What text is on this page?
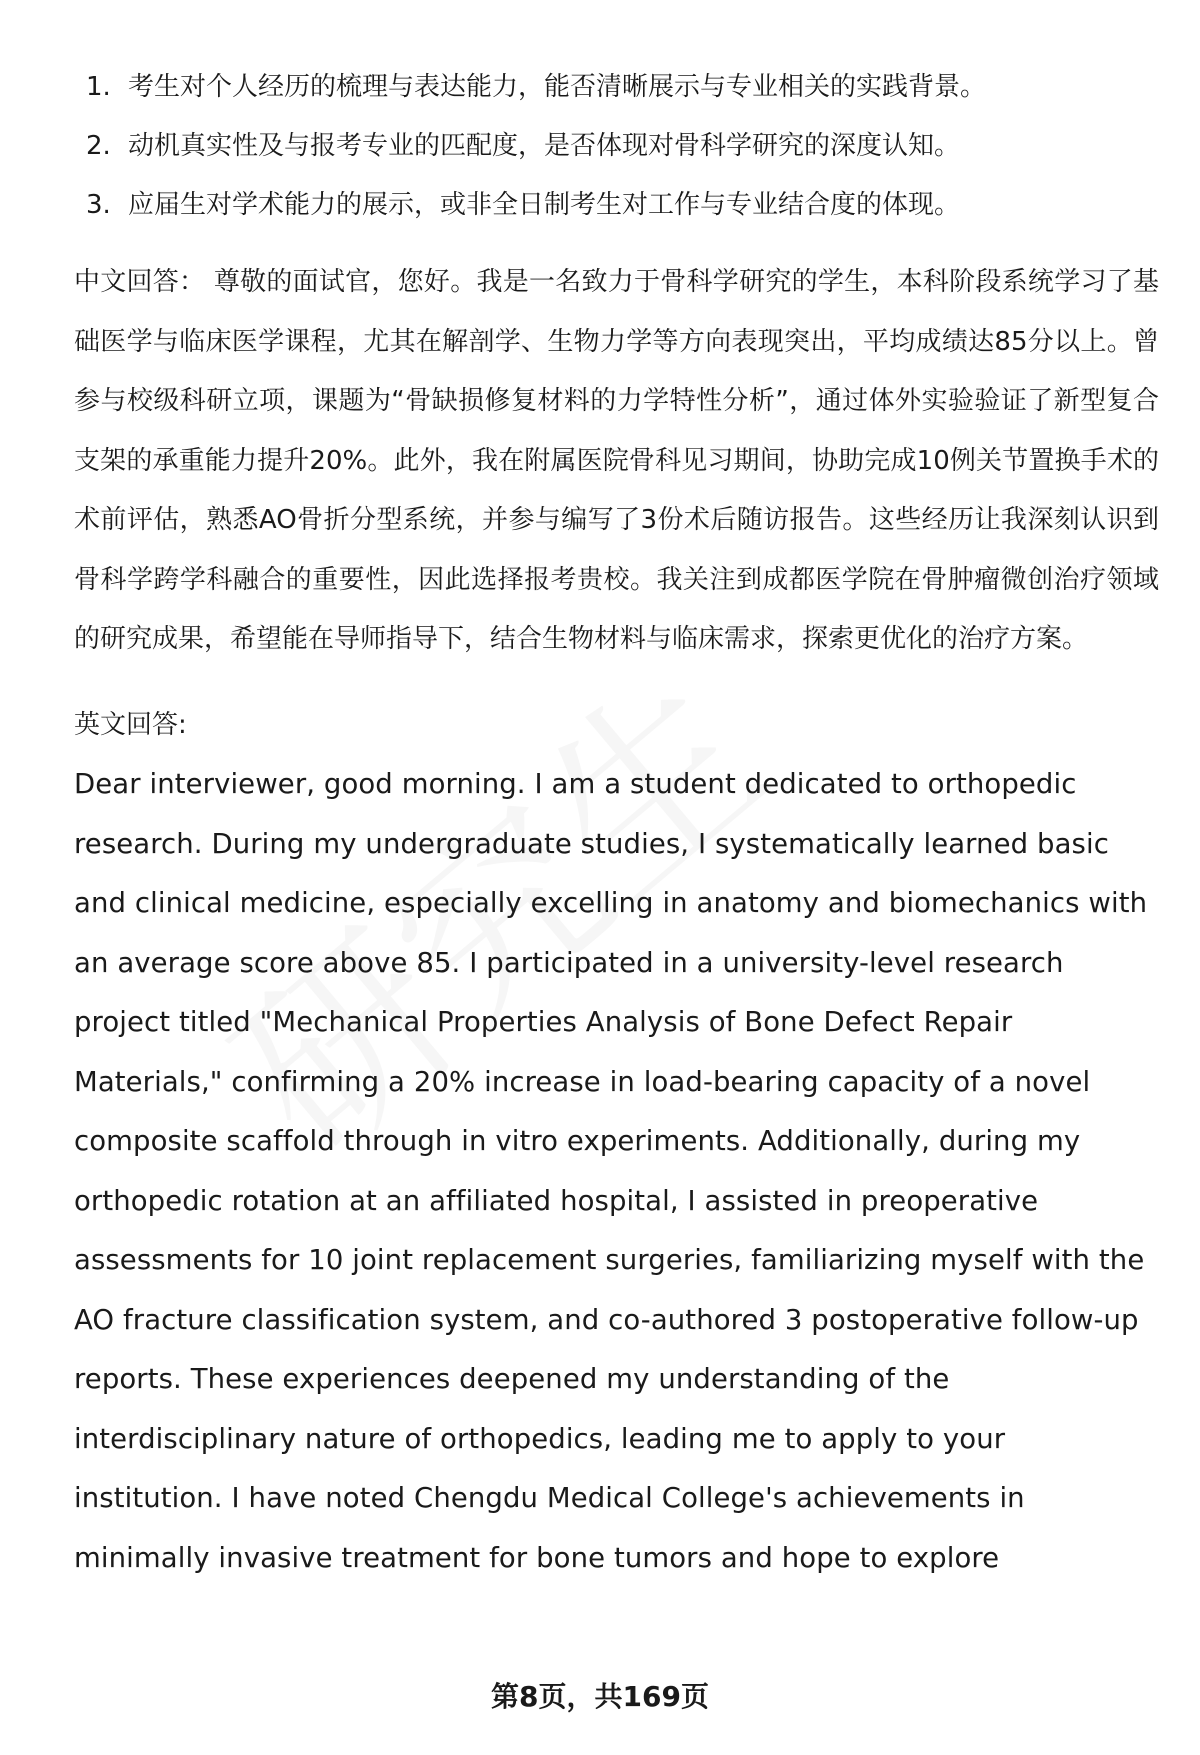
1. 考生对个人经历的梳理与表达能力，能否清晰展示与专业相关的实践背景。
2. 动机真实性及与报考专业的匹配度，是否体现对骨科学研究的深度认知。
3. 应届生对学术能力的展示，或非全日制考生对工作与专业结合度的体现。

中文回答： 尊敬的面试官，您好。我是一名致力于骨科学研究的学生，本科阶段系统学习了基础医学与临床医学课程，尤其在解剖学、生物力学等方向表现突出，平均成绩达85分以上。曾参与校级科研立项，课题为“骨缺损修复材料的力学特性分析”，通过体外实验验证了新型复合支架的承重能力提升20%。此外，我在附属医院骨科见习期间，协助完成10例关节置换手术的术前评估，熟悉AO骨折分型系统，并参与编写了3份术后随访报告。这些经历让我深刻认识到骨科学跨学科融合的重要性，因此选择报考贵校。我关注到成都医学院在骨肿瘤微创治疗领域的研究成果，希望能在导师指导下，结合生物材料与临床需求，探索更优化的治疗方案。

英文回答:

Dear interviewer, good morning. I am a student dedicated to orthopedic research. During my undergraduate studies, I systematically learned basic and clinical medicine, especially excelling in anatomy and biomechanics with an average score above 85. I participated in a university-level research project titled "Mechanical Properties Analysis of Bone Defect Repair Materials," confirming a 20% increase in load-bearing capacity of a novel composite scaffold through in vitro experiments. Additionally, during my orthopedic rotation at an affiliated hospital, I assisted in preoperative assessments for 10 joint replacement surgeries, familiarizing myself with the AO fracture classification system, and co-authored 3 postoperative follow-up reports. These experiences deepened my understanding of the interdisciplinary nature of orthopedics, leading me to apply to your institution. I have noted Chengdu Medical College's achievements in minimally invasive treatment for bone tumors and hope to explore

第8页，共169页
